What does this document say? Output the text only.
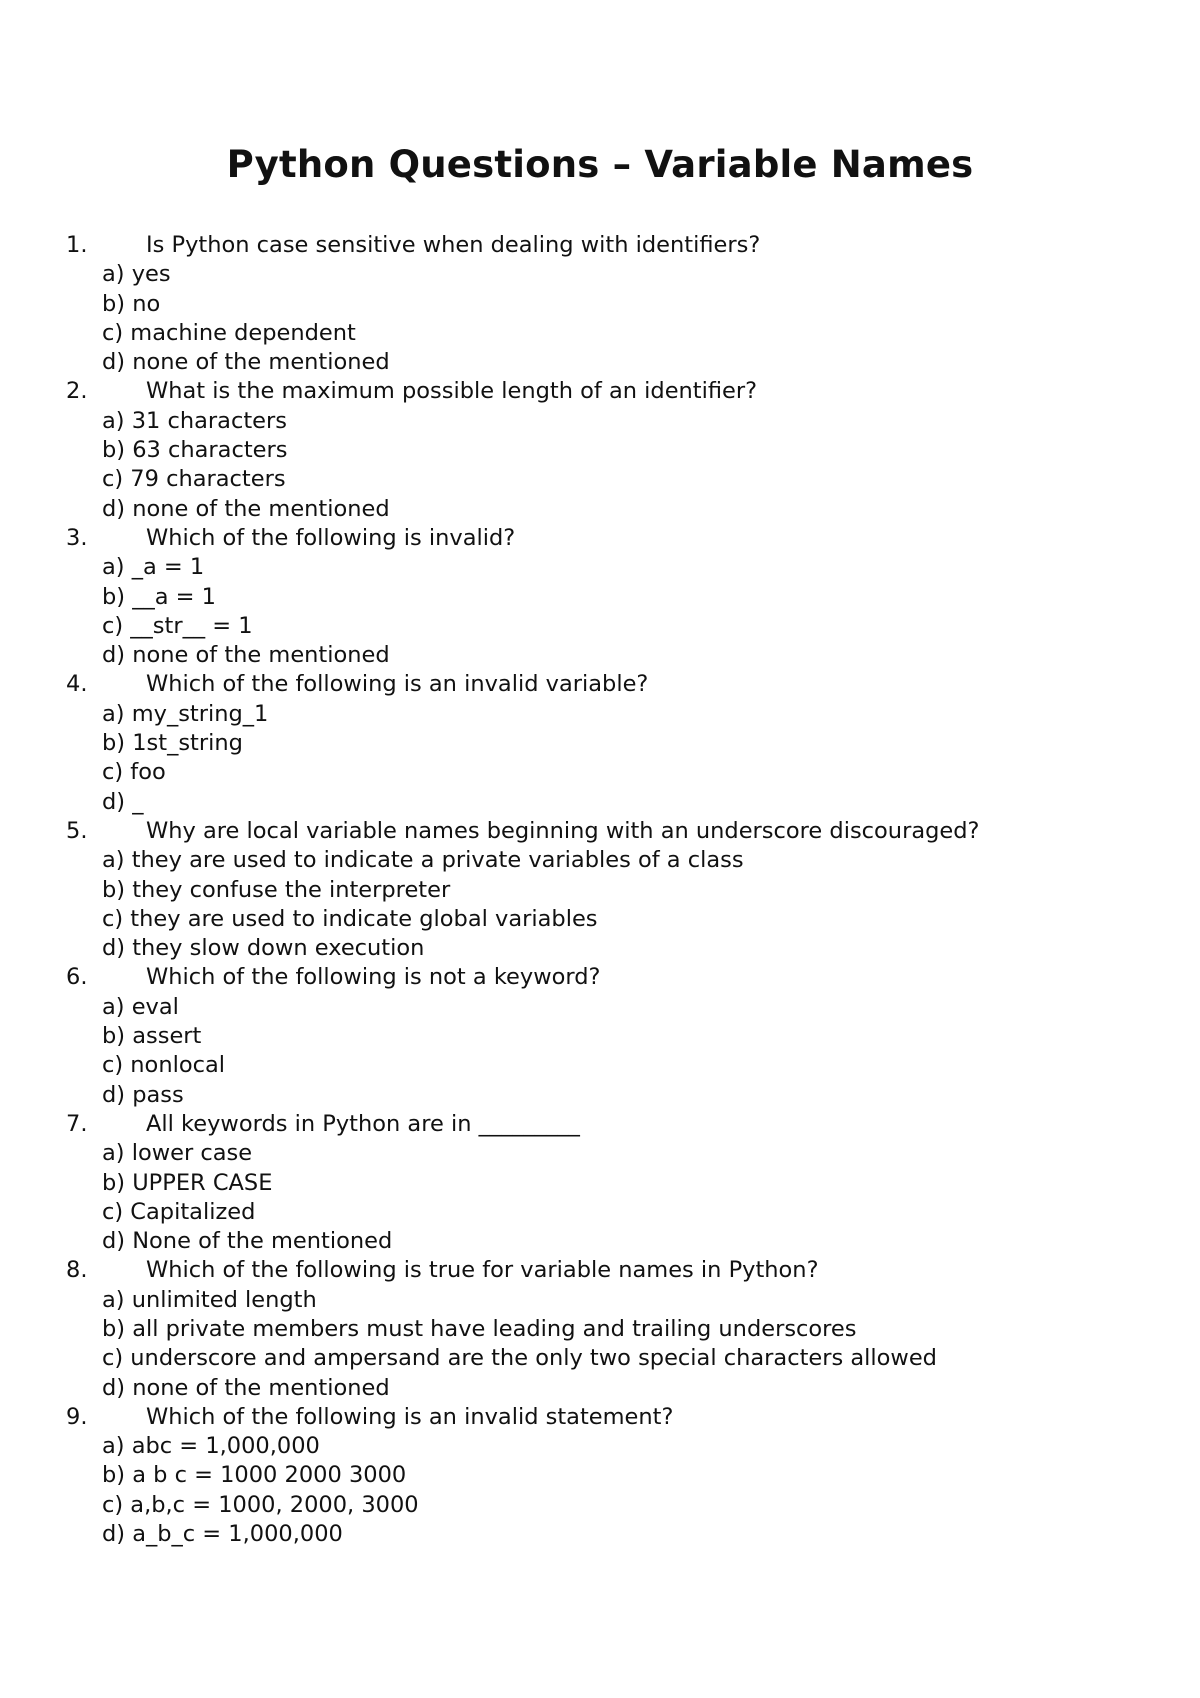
Python Questions – Variable Names
1.	Is Python case sensitive when dealing with identifiers?
a) yes
b) no
c) machine dependent
d) none of the mentioned
2.	What is the maximum possible length of an identifier?
a) 31 characters
b) 63 characters
c) 79 characters
d) none of the mentioned
3.	Which of the following is invalid?
a) _a = 1
b) __a = 1
c) __str__ = 1
d) none of the mentioned
4.	Which of the following is an invalid variable?
a) my_string_1
b) 1st_string
c) foo
d) _
5.	Why are local variable names beginning with an underscore discouraged?
a) they are used to indicate a private variables of a class
b) they confuse the interpreter
c) they are used to indicate global variables
d) they slow down execution
6.	Which of the following is not a keyword?
a) eval
b) assert
c) nonlocal
d) pass
7.	All keywords in Python are in _________
a) lower case
b) UPPER CASE
c) Capitalized
d) None of the mentioned
8.	Which of the following is true for variable names in Python?
a) unlimited length
b) all private members must have leading and trailing underscores
c) underscore and ampersand are the only two special characters allowed
d) none of the mentioned
9.	Which of the following is an invalid statement?
a) abc = 1,000,000
b) a b c = 1000 2000 3000
c) a,b,c = 1000, 2000, 3000
d) a_b_c = 1,000,000
